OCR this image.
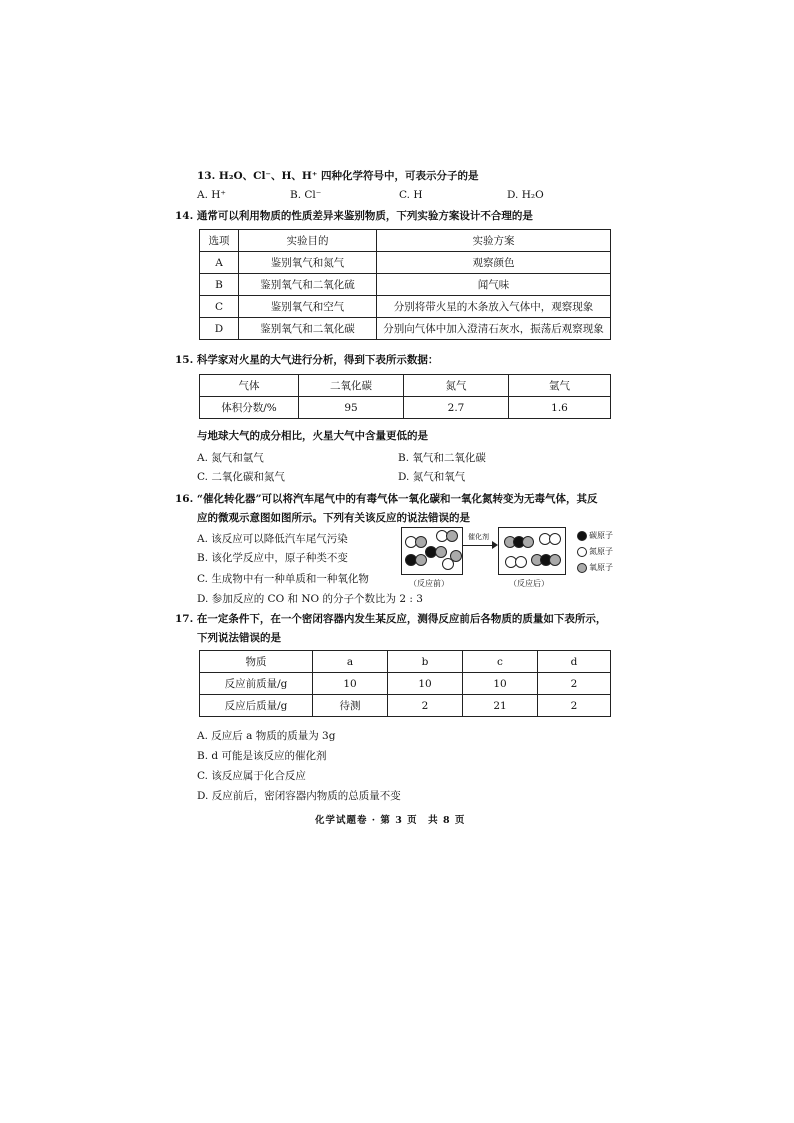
13. H₂O、Cl⁻、H、H⁺ 四种化学符号中，可表示分子的是
A. H⁺	B. Cl⁻	C. H	D. H₂O
14. 通常可以利用物质的性质差异来鉴别物质，下列实验方案设计不合理的是
选项	实验目的	实验方案
A	鉴别氧气和氮气	观察颜色
B	鉴别氧气和二氧化硫	闻气味
C	鉴别氧气和空气	分别将带火星的木条放入气体中，观察现象
D	鉴别氧气和二氧化碳	分别向气体中加入澄清石灰水，振荡后观察现象
15. 科学家对火星的大气进行分析，得到下表所示数据：
气体	二氧化碳	氮气	氩气
体积分数/%	95	2.7	1.6
与地球大气的成分相比，火星大气中含量更低的是
A. 氮气和氩气	B. 氧气和二氧化碳
C. 二氧化碳和氮气	D. 氮气和氧气
16. “催化转化器”可以将汽车尾气中的有毒气体一氧化碳和一氧化氮转变为无毒气体，其反
应的微观示意图如图所示。下列有关该反应的说法错误的是
A. 该反应可以降低汽车尾气污染
B. 该化学反应中，原子种类不变
C. 生成物中有一种单质和一种氧化物
D. 参加反应的 CO 和 NO 的分子个数比为 2 : 3
（反应前）
催化剂
（反应后）
碳原子
氮原子
氧原子
17. 在一定条件下，在一个密闭容器内发生某反应，测得反应前后各物质的质量如下表所示，
下列说法错误的是
物质	a	b	c	d
反应前质量/g	10	10	10	2
反应后质量/g	待测	2	21	2
A. 反应后 a 物质的质量为 3g
B. d 可能是该反应的催化剂
C. 该反应属于化合反应
D. 反应前后，密闭容器内物质的总质量不变
化学试题卷 · 第 3 页　共 8 页
